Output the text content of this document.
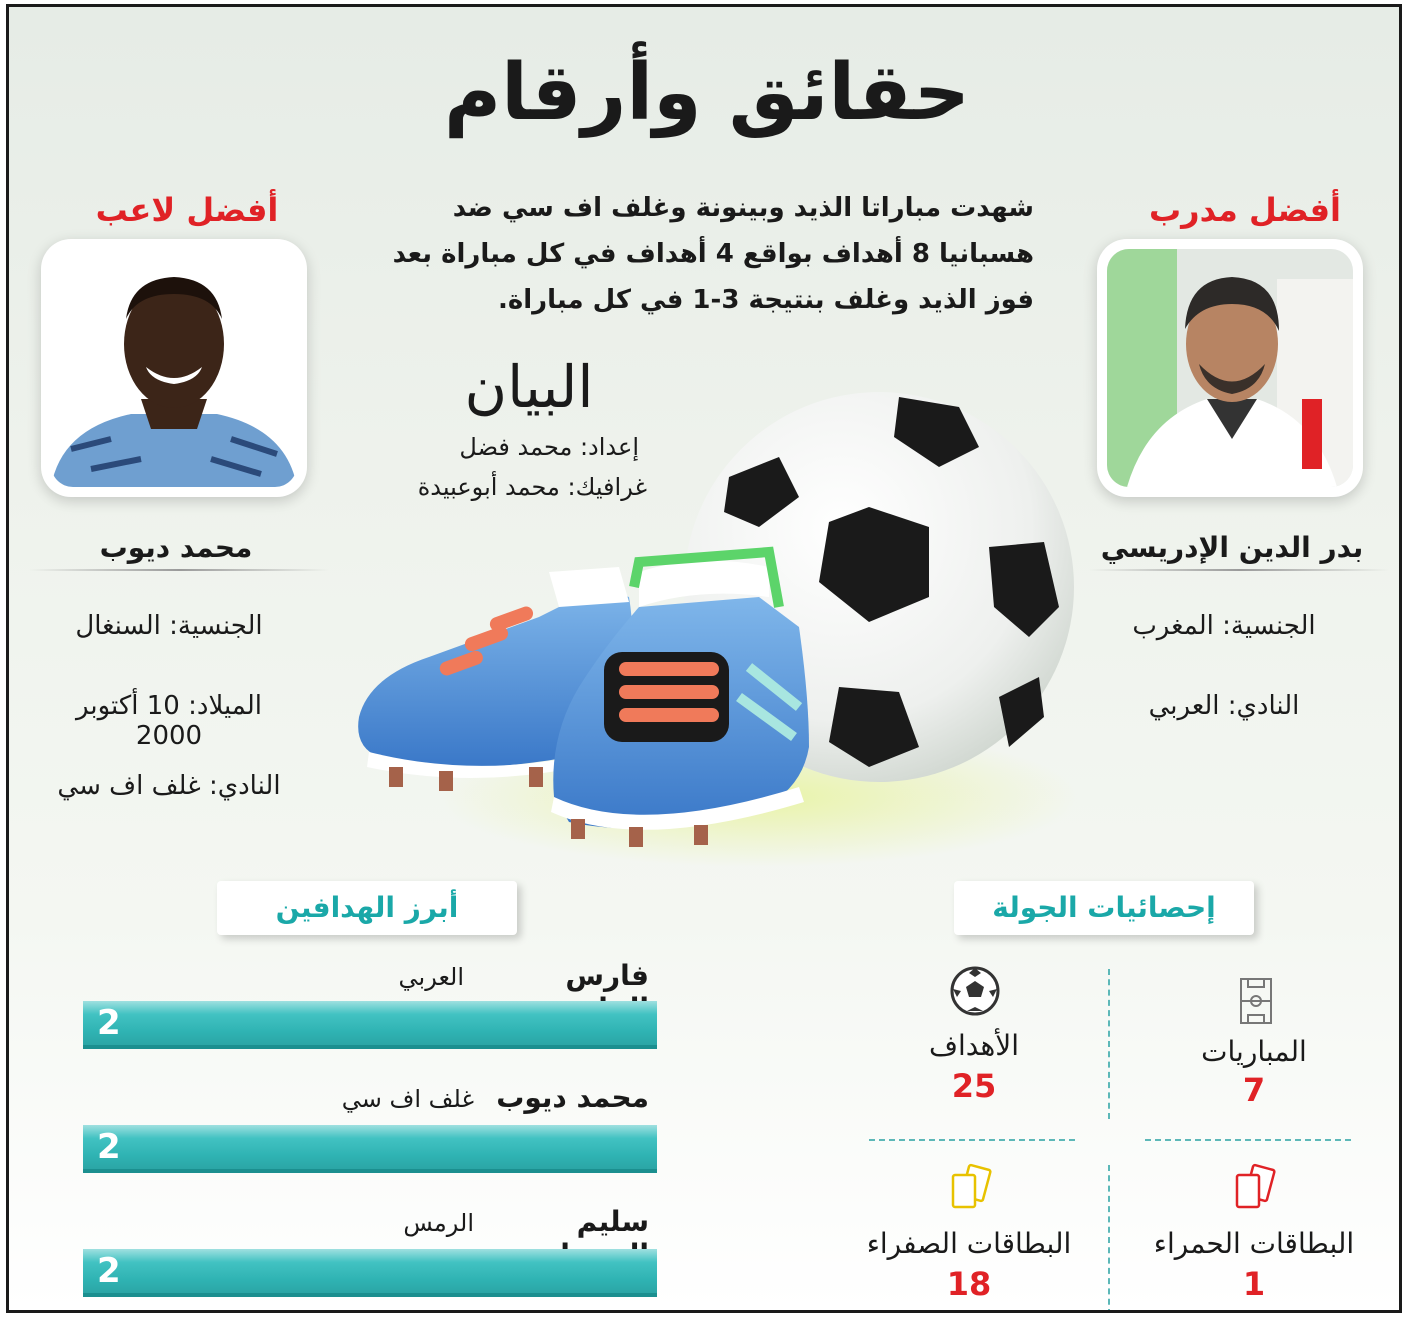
حقائق وأرقام
أفضل مدرب
أفضل لاعب	شهدت مباراتا الذيد وبينونة وغلف اف سي ضد هسبانيا 8 أهداف بواقع 4 أهداف في كل مباراة بعد فوز الذيد وغلف بنتيجة 3-1 في كل مباراة.
بدر الدين الإدريسي
محمد ديوب
الجنسية: المغرب
النادي: العربي
الجنسية: السنغال
الميلاد: 10 أكتوبر 2000
النادي: غلف اف سي
البيان
إعداد: محمد فضل
غرافيك: محمد أبوعبيدة
إحصائيات الجولة
أبرز الهدافين
المباريات
7
الأهداف
25
البطاقات الحمراء
1
البطاقات الصفراء
18
فارس
العربي
2
محمد ديوب
غلف اف سي
2
سليم
الرمس
2
